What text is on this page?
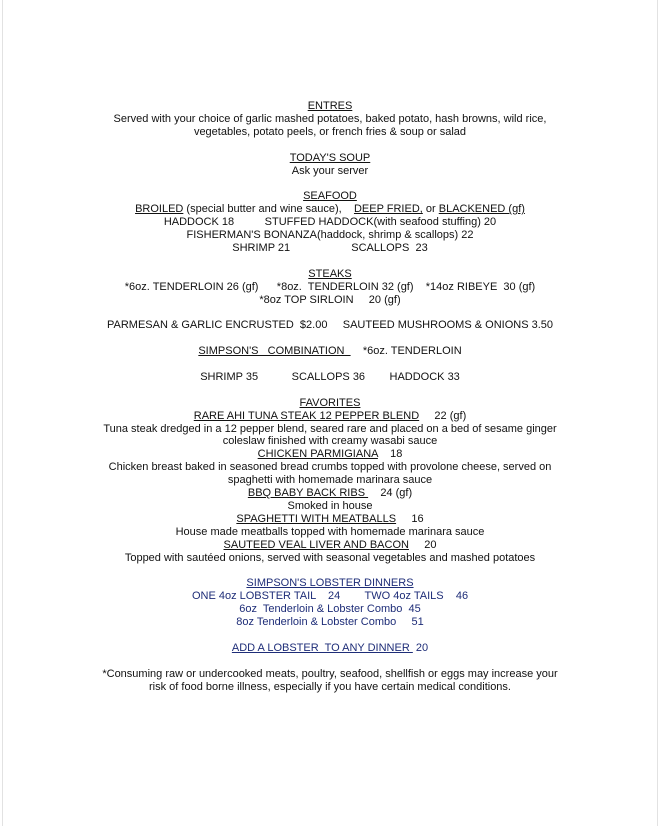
ENTRES
Served with your choice of garlic mashed potatoes, baked potato, hash browns, wild rice,
vegetables, potato peels, or french fries & soup or salad
TODAY'S SOUP
Ask your server
SEAFOOD
BROILED (special butter and wine sauce),    DEEP FRIED, or BLACKENED (gf)
HADDOCK 18          STUFFED HADDOCK(with seafood stuffing) 20
FISHERMAN'S BONANZA(haddock, shrimp & scallops) 22
SHRIMP 21                    SCALLOPS  23
STEAKS
*6oz. TENDERLOIN 26 (gf)      *8oz.  TENDERLOIN 32 (gf)    *14oz RIBEYE  30 (gf)
*8oz TOP SIRLOIN     20 (gf)
PARMESAN & GARLIC ENCRUSTED  $2.00     SAUTEED MUSHROOMS & ONIONS 3.50
SIMPSON'S   COMBINATION      *6oz. TENDERLOIN
SHRIMP 35           SCALLOPS 36        HADDOCK 33
FAVORITES
RARE AHI TUNA STEAK 12 PEPPER BLEND     22 (gf)
Tuna steak dredged in a 12 pepper blend, seared rare and placed on a bed of sesame ginger
coleslaw finished with creamy wasabi sauce
CHICKEN PARMIGIANA    18
Chicken breast baked in seasoned bread crumbs topped with provolone cheese, served on
spaghetti with homemade marinara sauce
BBQ BABY BACK RIBS     24 (gf)
Smoked in house
SPAGHETTI WITH MEATBALLS     16
House made meatballs topped with homemade marinara sauce
SAUTEED VEAL LIVER AND BACON     20
Topped with sautéed onions, served with seasonal vegetables and mashed potatoes
SIMPSON'S LOBSTER DINNERS
ONE 4oz LOBSTER TAIL    24        TWO 4oz TAILS    46
6oz  Tenderloin & Lobster Combo  45
8oz Tenderloin & Lobster Combo     51
ADD A LOBSTER  TO ANY DINNER  20
*Consuming raw or undercooked meats, poultry, seafood, shellfish or eggs may increase your
risk of food borne illness, especially if you have certain medical conditions.
